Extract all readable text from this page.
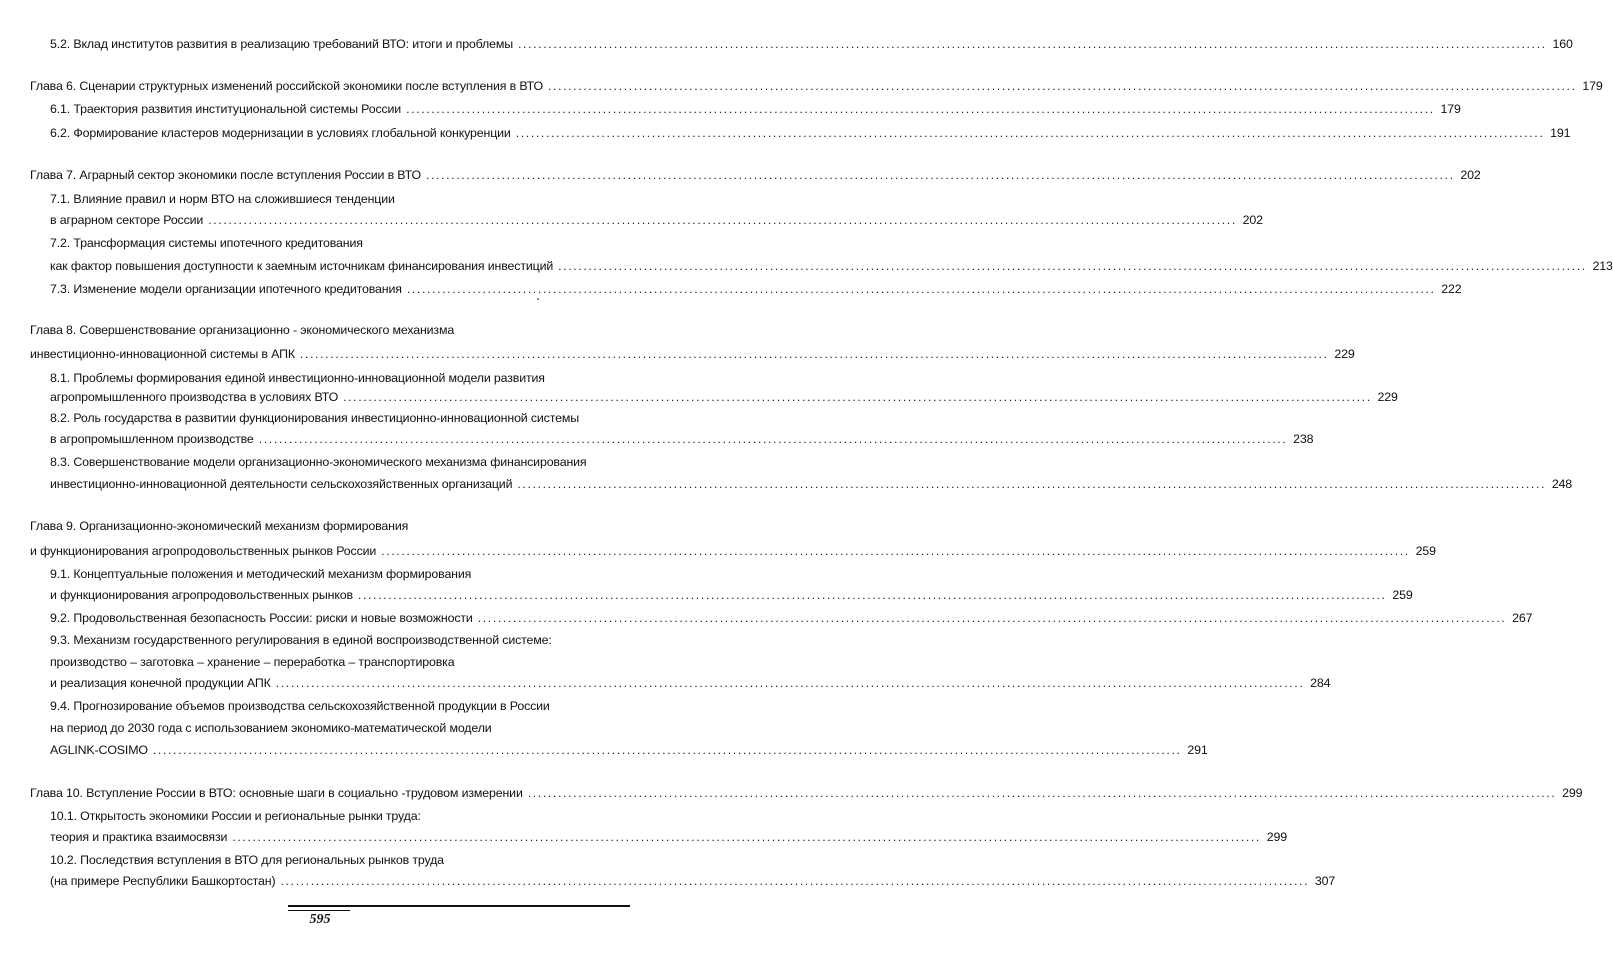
5.2. Вклад институтов развития в реализацию требований ВТО: итоги и проблемы .....	160
Глава 6. Сценарии структурных изменений российской экономики после вступления в ВТО .....	179
6.1. Траектория развития институциональной системы России .....	179
6.2. Формирование кластеров модернизации в условиях глобальной конкуренции .....	191
Глава 7. Аграрный сектор экономики после вступления России в ВТО .....	202
7.1. Влияние правил и норм ВТО на сложившиеся тенденции
в аграрном секторе России .....	202
7.2. Трансформация системы ипотечного кредитования
как фактор повышения доступности к заемным источникам финансирования инвестиций .....	213
7.3. Изменение модели организации ипотечного кредитования .....	222
Глава 8. Совершенствование организационно - экономического механизма
инвестиционно-инновационной системы в АПК .....	229
8.1. Проблемы формирования единой инвестиционно-инновационной модели развития
агропромышленного производства в условиях ВТО .....	229
8.2. Роль государства в развитии функционирования инвестиционно-инновационной системы
в агропромышленном производстве .....	238
8.3. Совершенствование модели организационно-экономического механизма финансирования
инвестиционно-инновационной деятельности сельскохозяйственных организаций .....	248
Глава 9. Организационно-экономический механизм формирования
и функционирования агропродовольственных рынков России .....	259
9.1. Концептуальные положения и методический механизм формирования
и функционирования агропродовольственных рынков .....	259
9.2. Продовольственная безопасность России: риски и новые возможности .....	267
9.3. Механизм государственного регулирования в единой воспроизводственной системе:
производство – заготовка – хранение – переработка – транспортировка
и реализация конечной продукции АПК .....	284
9.4. Прогнозирование объемов производства сельскохозяйственной продукции в России
на период до 2030 года с использованием экономико-математической модели
AGLINK-COSIMO .....	291
Глава 10. Вступление России в ВТО: основные шаги в социально -трудовом измерении .....	299
10.1. Открытость экономики России и региональные рынки труда:
теория и практика взаимосвязи .....	299
10.2. Последствия вступления в ВТО для региональных рынков труда
(на примере Республики Башкортостан) .....	307
595
